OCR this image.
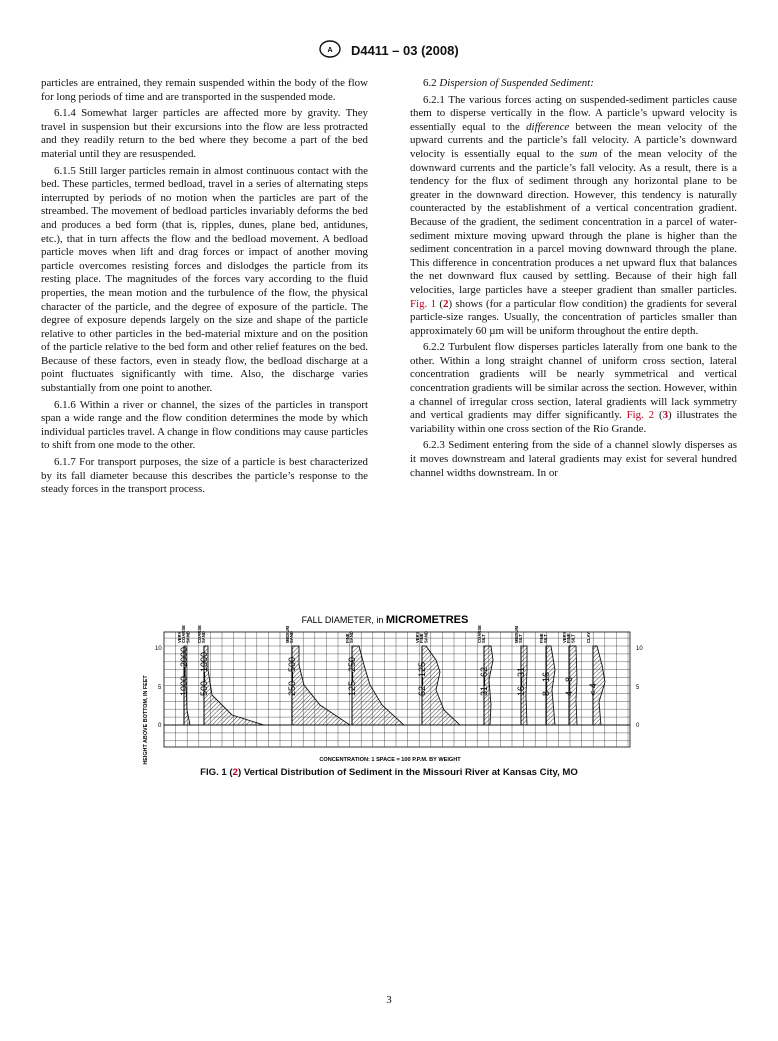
A D4411 – 03 (2008)

particles are entrained, they remain suspended within the body of the flow for long periods of time and are transported in the suspended mode.

6.1.4 Somewhat larger particles are affected more by gravity. They travel in suspension but their excursions into the flow are less protracted and they readily return to the bed where they become a part of the bed material until they are resuspended.

6.1.5 Still larger particles remain in almost continuous contact with the bed. These particles, termed bedload, travel in a series of alternating steps interrupted by periods of no motion when the particles are part of the streambed. The movement of bedload particles invariably deforms the bed and produces a bed form (that is, ripples, dunes, plane bed, antidunes, etc.), that in turn affects the flow and the bedload movement. A bedload particle moves when lift and drag forces or impact of another moving particle overcomes resisting forces and dislodges the particle from its resting place. The magnitudes of the forces vary according to the fluid properties, the mean motion and the turbulence of the flow, the physical character of the particle, and the degree of exposure of the particle. The degree of exposure depends largely on the size and shape of the particle relative to other particles in the bed-material mixture and on the position of the particle relative to the bed form and other relief features on the bed. Because of these factors, even in steady flow, the bedload discharge at a point fluctuates significantly with time. Also, the discharge varies substantially from one point to another.

6.1.6 Within a river or channel, the sizes of the particles in transport span a wide range and the flow condition determines the mode by which individual particles travel. A change in flow conditions may cause particles to shift from one mode to the other.

6.1.7 For transport purposes, the size of a particle is best characterized by its fall diameter because this describes the particle’s response to the steady forces in the transport process.

6.2 Dispersion of Suspended Sediment:

6.2.1 The various forces acting on suspended-sediment particles cause them to disperse vertically in the flow. A particle’s upward velocity is essentially equal to the difference between the mean velocity of the upward currents and the particle’s fall velocity. A particle’s downward velocity is essentially equal to the sum of the mean velocity of the downward currents and the particle’s fall velocity. As a result, there is a tendency for the flux of sediment through any horizontal plane to be greater in the downward direction. However, this tendency is naturally counteracted by the establishment of a vertical concentration gradient. Because of the gradient, the sediment concentration in a parcel of water-sediment mixture moving upward through the plane is higher than the sediment concentration in a parcel moving downward through the plane. This difference in concentration produces a net upward flux that balances the net downward flux caused by settling. Because of their high fall velocities, large particles have a steeper gradient than smaller particles. Fig. 1 (2) shows (for a particular flow condition) the gradients for several particle-size ranges. Usually, the concentration of particles smaller than approximately 60 µm will be uniform throughout the entire depth.

6.2.2 Turbulent flow disperses particles laterally from one bank to the other. Within a long straight channel of uniform cross section, lateral concentration gradients will be nearly symmetrical and vertical concentration gradients will be similar across the section. However, within a channel of irregular cross section, lateral gradients will lack symmetry and vertical gradients may differ significantly. Fig. 2 (3) illustrates the variability within one cross section of the Rio Grande.

6.2.3 Sediment entering from the side of a channel slowly disperses as it moves downstream and lateral gradients may exist for several hundred channel widths downstream. In or

FALL DIAMETER, in MICROMETRES
1000—2000 500—1000	250—500	125—250	62—125	31—62	16—31 8—16 4—8 < 4
VERY COARSE SAND COARSE SAND	MEDIUM SAND	FINE SAND	VERY FINE SAND	COARSE SILT	MEDIUM SILT	FINE SILT	VERY FINE SILT	CLAY
HEIGHT ABOVE BOTTOM, IN FEET 0
5
10
0
5
10
CONCENTRATION: 1 SPACE = 100 P.P.M. BY WEIGHT
FIG. 1 (2) Vertical Distribution of Sediment in the Missouri River at Kansas City, MO
3
